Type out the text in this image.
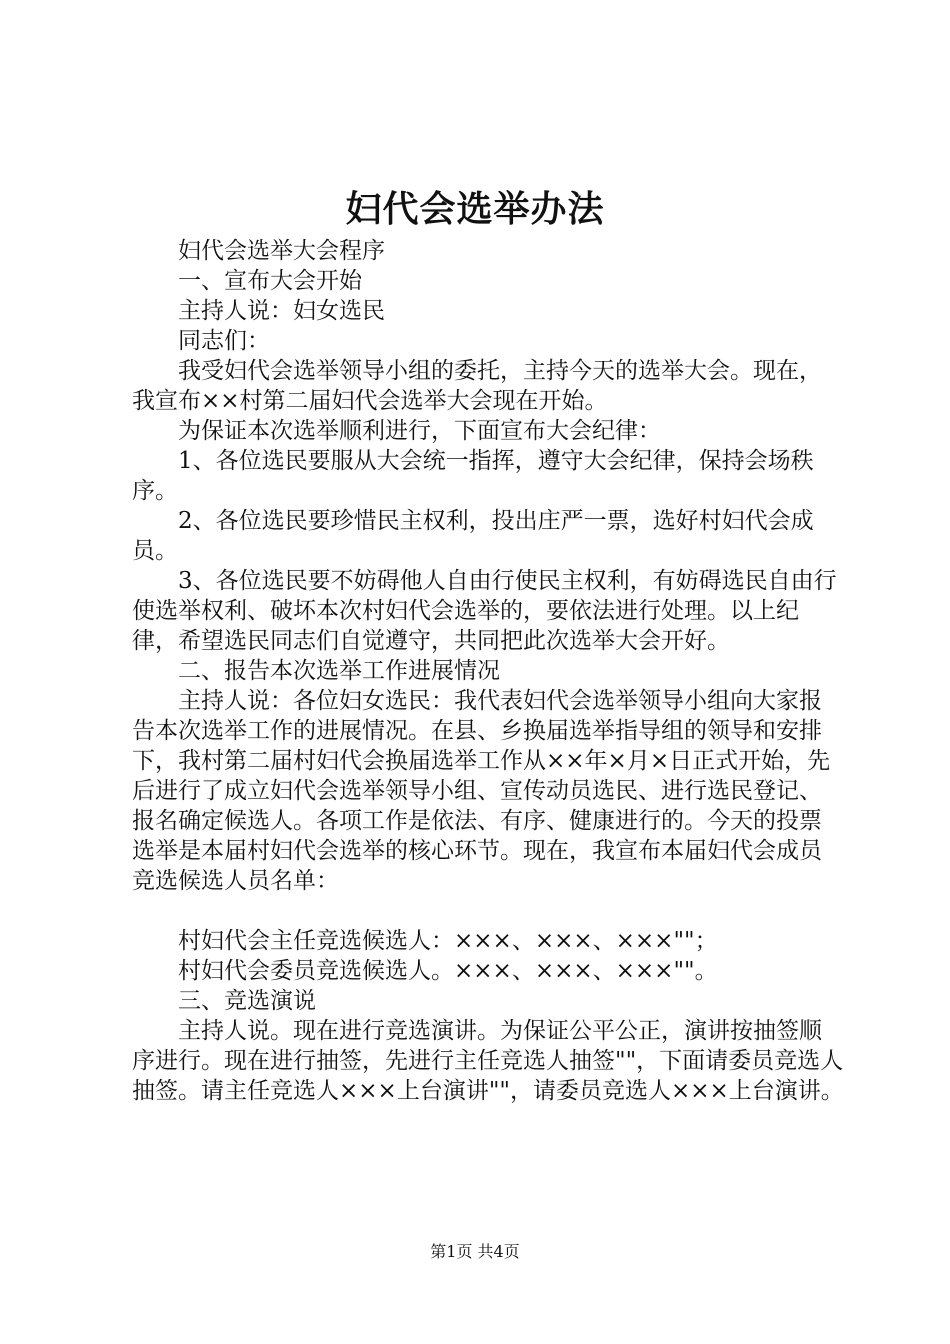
妇代会选举办法

妇代会选举大会程序

一、宣布大会开始

主持人说：妇女选民

同志们：

我受妇代会选举领导小组的委托，主持今天的选举大会。现在，我宣布××村第二届妇代会选举大会现在开始。

为保证本次选举顺利进行，下面宣布大会纪律：

1、各位选民要服从大会统一指挥，遵守大会纪律，保持会场秩序。

2、各位选民要珍惜民主权利，投出庄严一票，选好村妇代会成员。

3、各位选民要不妨碍他人自由行使民主权利，有妨碍选民自由行使选举权利、破坏本次村妇代会选举的，要依法进行处理。以上纪律，希望选民同志们自觉遵守，共同把此次选举大会开好。

二、报告本次选举工作进展情况

主持人说：各位妇女选民：我代表妇代会选举领导小组向大家报告本次选举工作的进展情况。在县、乡换届选举指导组的领导和安排下，我村第二届村妇代会换届选举工作从××年×月×日正式开始，先后进行了成立妇代会选举领导小组、宣传动员选民、进行选民登记、报名确定候选人。各项工作是依法、有序、健康进行的。今天的投票选举是本届村妇代会选举的核心环节。现在，我宣布本届妇代会成员竞选候选人员名单：

村妇代会主任竞选候选人：×××、×××、×××""；

村妇代会委员竞选候选人。×××、×××、×××""。

三、竞选演说

主持人说。现在进行竞选演讲。为保证公平公正，演讲按抽签顺序进行。现在进行抽签，先进行主任竞选人抽签""，下面请委员竞选人抽签。请主任竞选人×××上台演讲""，请委员竞选人×××上台演讲。

第1页 共4页
